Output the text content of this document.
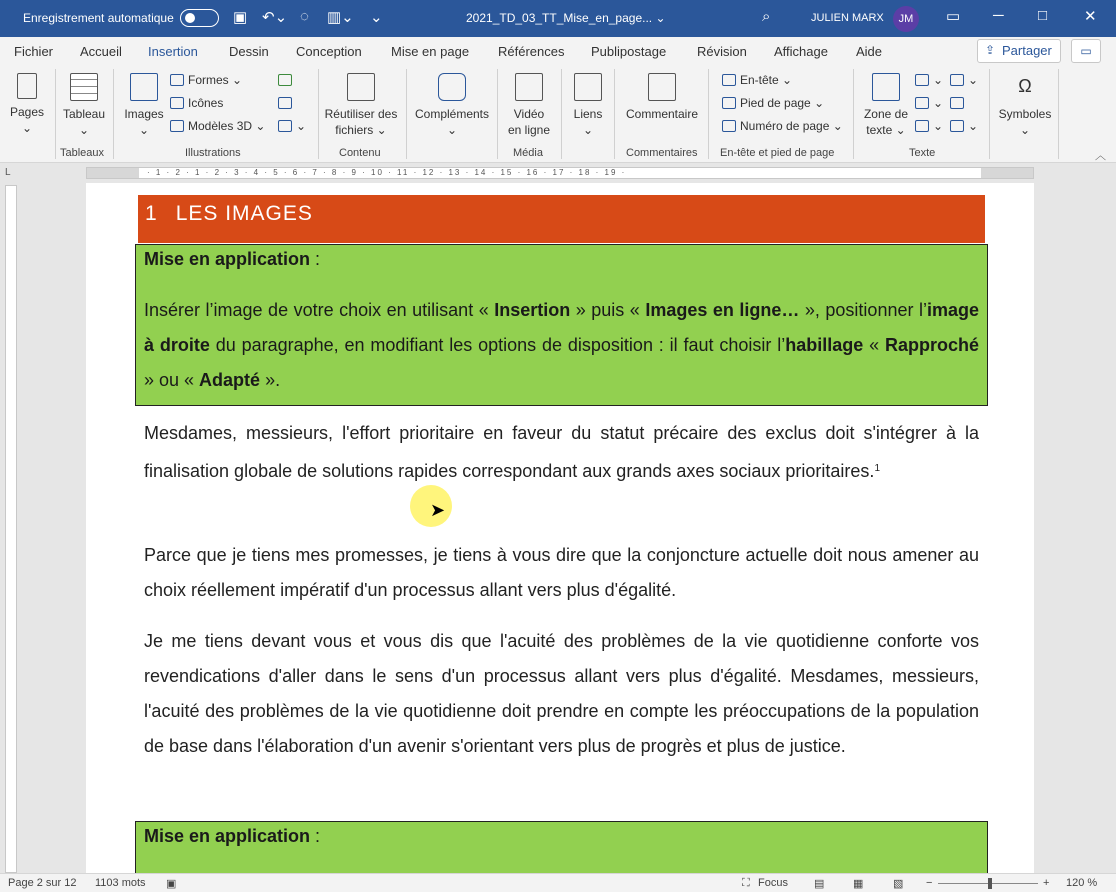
Enregistrement automatique	▣ ↶⌄ ◌ ▥⌄ ⌄	2021_TD_03_TT_Mise_en_page... ⌄	⌕	JULIEN MARX	JM	▭ ─ □ ✕
Fichier Accueil Insertion Dessin Conception Mise en page Références Publipostage Révision Affichage Aide	⇪ Partager	▭
Pages
⌄
Tableau
⌄
Tableaux
Images
⌄
Formes ⌄
Icônes
Modèles 3D ⌄	⌄
Illustrations
Réutiliser des
fichiers ⌄
Contenu
Compléments
⌄
Vidéo
en ligne
Média
Liens
⌄
Commentaire
Commentaires
En-tête ⌄
Pied de page ⌄
Numéro de page ⌄
En-tête et pied de page
Zone de
texte ⌄
⌄
⌄
⌄
⌄
⌄
Texte
Ω
Symboles
⌄
︿
L	· 1 · 2 · 1 · 2 · 3 · 4 · 5 · 6 · 7 · 8 · 9 · 10 · 11 · 12 · 13 · 14 · 15 · 16 · 17 · 18 · 19 ·
1 LES IMAGES
Mise en application :
Insérer l’image de votre choix en utilisant « Insertion » puis « Images en ligne… », positionner l’image à droite du paragraphe, en modifiant les options de disposition : il faut choisir l’habillage « Rapproché » ou « Adapté ».
Mesdames, messieurs, l'effort prioritaire en faveur du statut précaire des exclus doit s'intégrer à la finalisation globale de solutions rapides correspondant aux grands axes sociaux prioritaires.$^1$
Parce que je tiens mes promesses, je tiens à vous dire que la conjoncture actuelle doit nous amener au choix réellement impératif d'un processus allant vers plus d'égalité.
Je me tiens devant vous et vous dis que l'acuité des problèmes de la vie quotidienne conforte vos revendications d'aller dans le sens d'un processus allant vers plus d'égalité. Mesdames, messieurs, l'acuité des problèmes de la vie quotidienne doit prendre en compte les préoccupations de la population de base dans l'élaboration d'un avenir s'orientant vers plus de progrès et plus de justice.
Mise en application :
➤
Page 2 sur 12 1103 mots ▣	⛶ Focus ▤	▦	▧ −	+ 120 %
